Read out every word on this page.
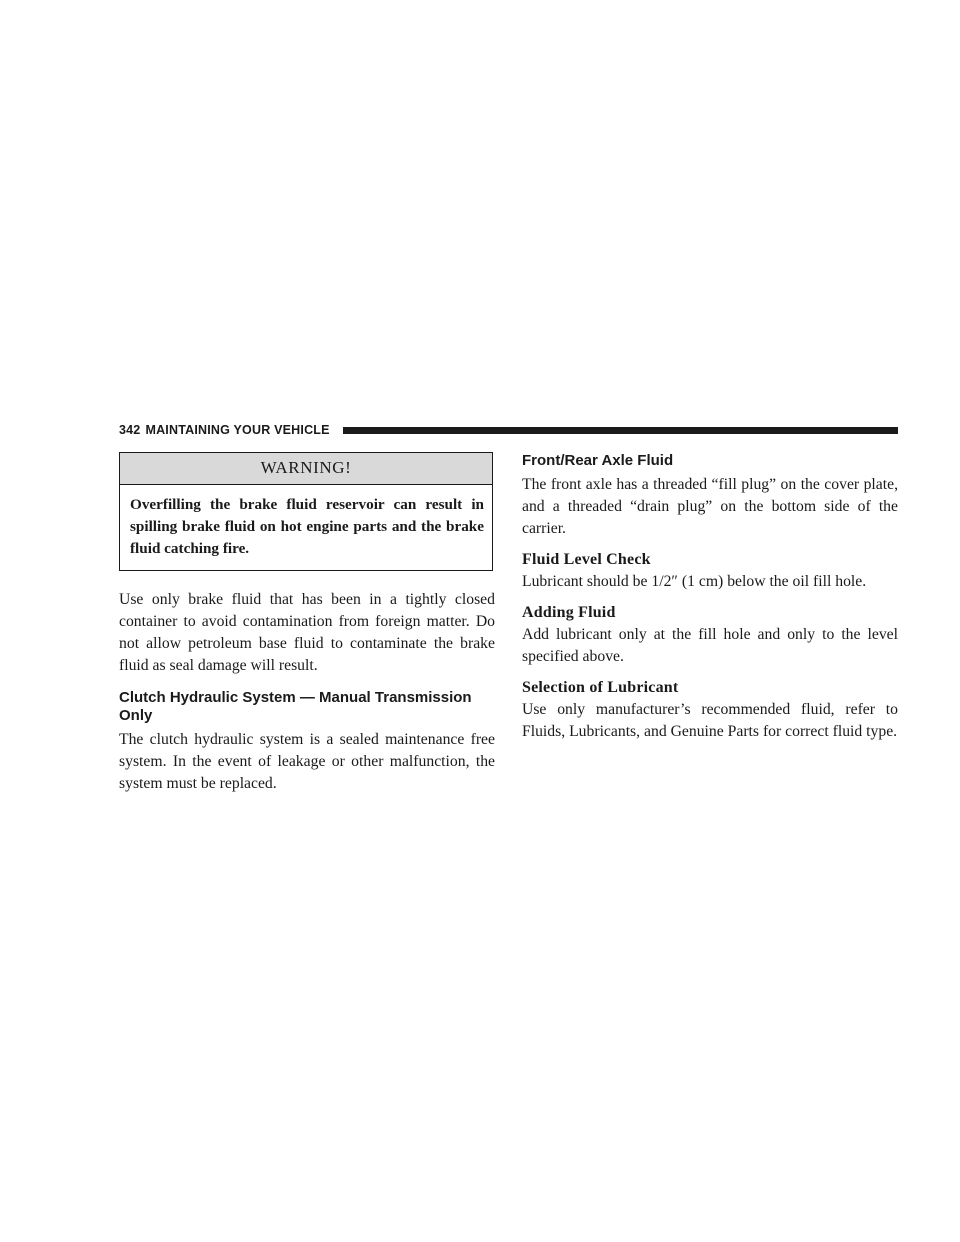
342 MAINTAINING YOUR VEHICLE
WARNING!
Overfilling the brake fluid reservoir can result in spilling brake fluid on hot engine parts and the brake fluid catching fire.

Use only brake fluid that has been in a tightly closed container to avoid contamination from foreign matter. Do not allow petroleum base fluid to contaminate the brake fluid as seal damage will result.

Clutch Hydraulic System — Manual Transmission Only

The clutch hydraulic system is a sealed maintenance free system. In the event of leakage or other malfunction, the system must be replaced.

Front/Rear Axle Fluid

The front axle has a threaded “fill plug” on the cover plate, and a threaded “drain plug” on the bottom side of the carrier.

Fluid Level Check

Lubricant should be 1/2″ (1 cm) below the oil fill hole.

Adding Fluid

Add lubricant only at the fill hole and only to the level specified above.

Selection of Lubricant

Use only manufacturer’s recommended fluid, refer to Fluids, Lubricants, and Genuine Parts for correct fluid type.
